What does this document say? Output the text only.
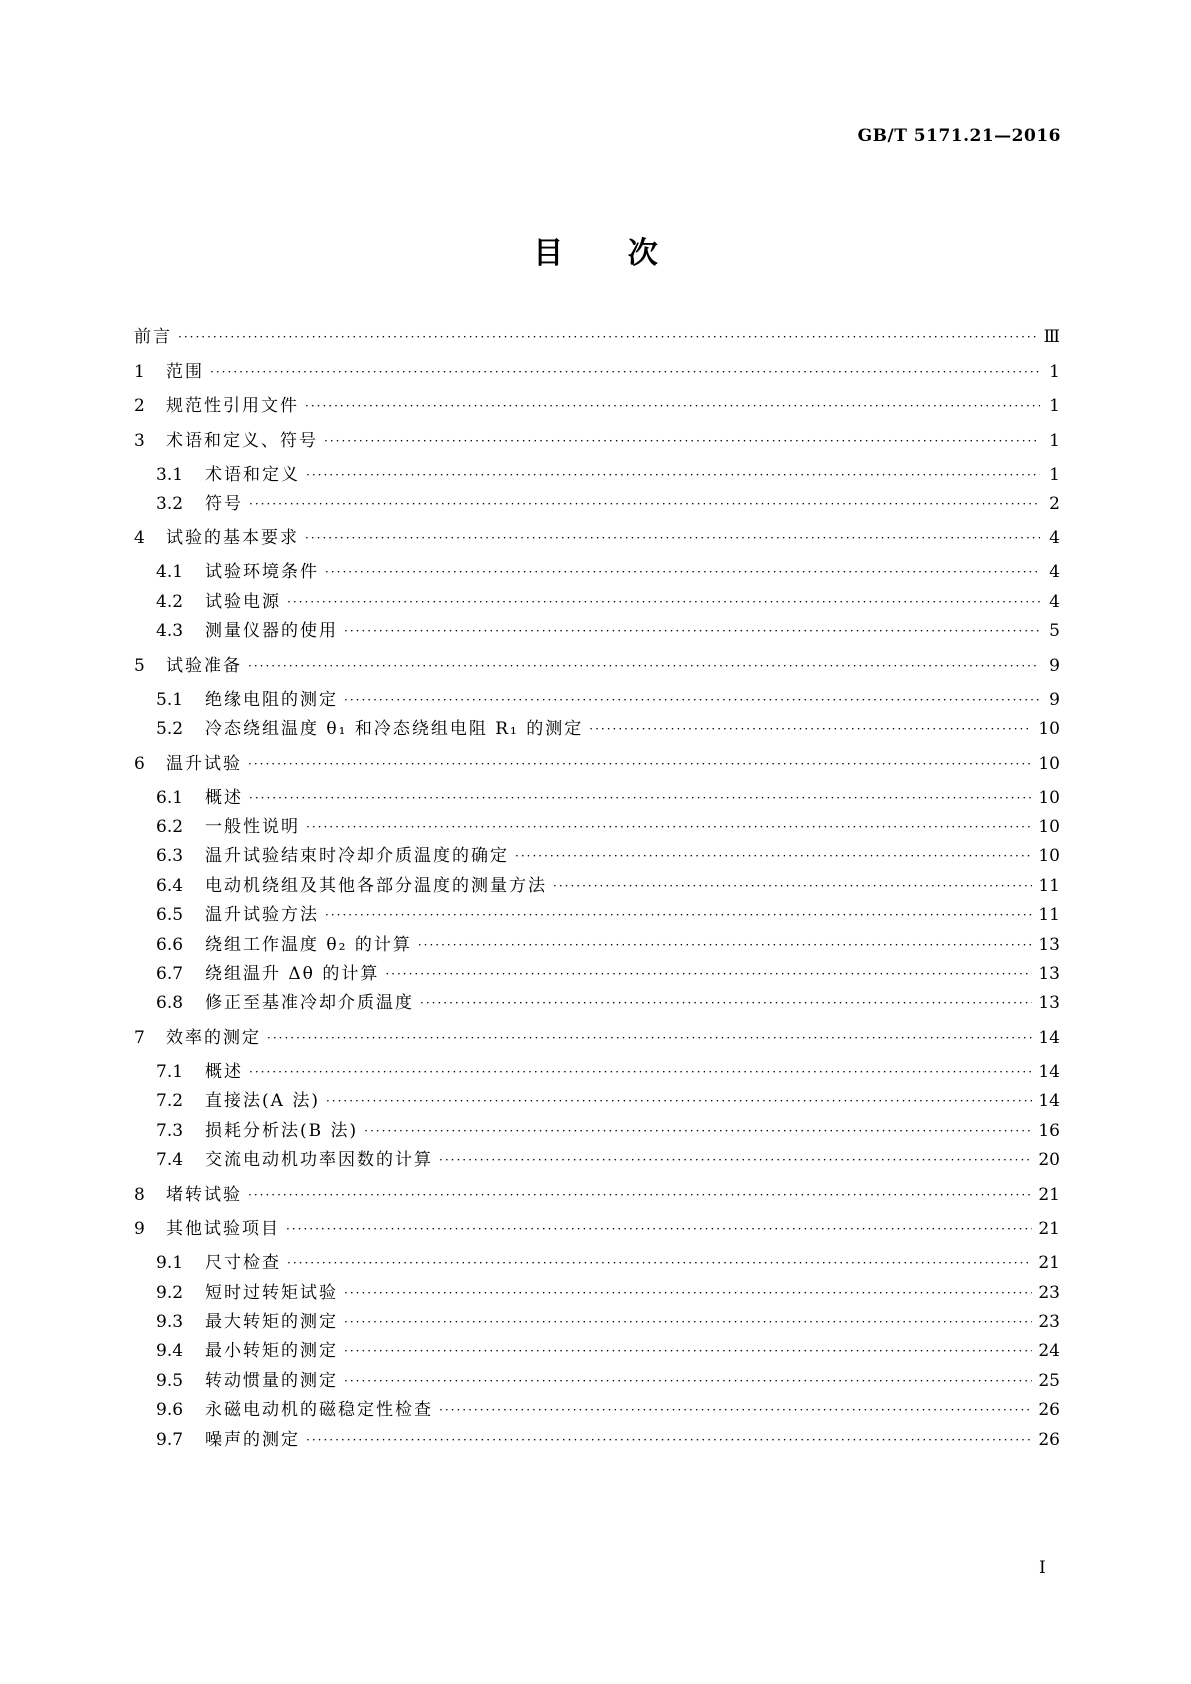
GB/T 5171.21—2016
目 次
前言 ·····	Ⅲ
1	范围 ·····	1
2	规范性引用文件 ·····	1
3	术语和定义、符号 ·····	1
3.1	术语和定义 ·····	1
3.2	符号 ·····	2
4	试验的基本要求 ·····	4
4.1	试验环境条件 ·····	4
4.2	试验电源 ·····	4
4.3	测量仪器的使用 ·····	5
5	试验准备 ·····	9
5.1	绝缘电阻的测定 ·····	9
5.2	冷态绕组温度 θ₁ 和冷态绕组电阻 R₁ 的测定 ·····	10
6	温升试验 ·····	10
6.1	概述 ·····	10
6.2	一般性说明 ·····	10
6.3	温升试验结束时冷却介质温度的确定 ·····	10
6.4	电动机绕组及其他各部分温度的测量方法 ·····	11
6.5	温升试验方法 ·····	11
6.6	绕组工作温度 θ₂ 的计算 ·····	13
6.7	绕组温升 Δθ 的计算 ·····	13
6.8	修正至基准冷却介质温度 ·····	13
7	效率的测定 ·····	14
7.1	概述 ·····	14
7.2	直接法(A 法) ·····	14
7.3	损耗分析法(B 法) ·····	16
7.4	交流电动机功率因数的计算 ·····	20
8	堵转试验 ·····	21
9	其他试验项目 ·····	21
9.1	尺寸检查 ·····	21
9.2	短时过转矩试验 ·····	23
9.3	最大转矩的测定 ·····	23
9.4	最小转矩的测定 ·····	24
9.5	转动惯量的测定 ·····	25
9.6	永磁电动机的磁稳定性检查 ·····	26
9.7	噪声的测定 ·····	26
I
